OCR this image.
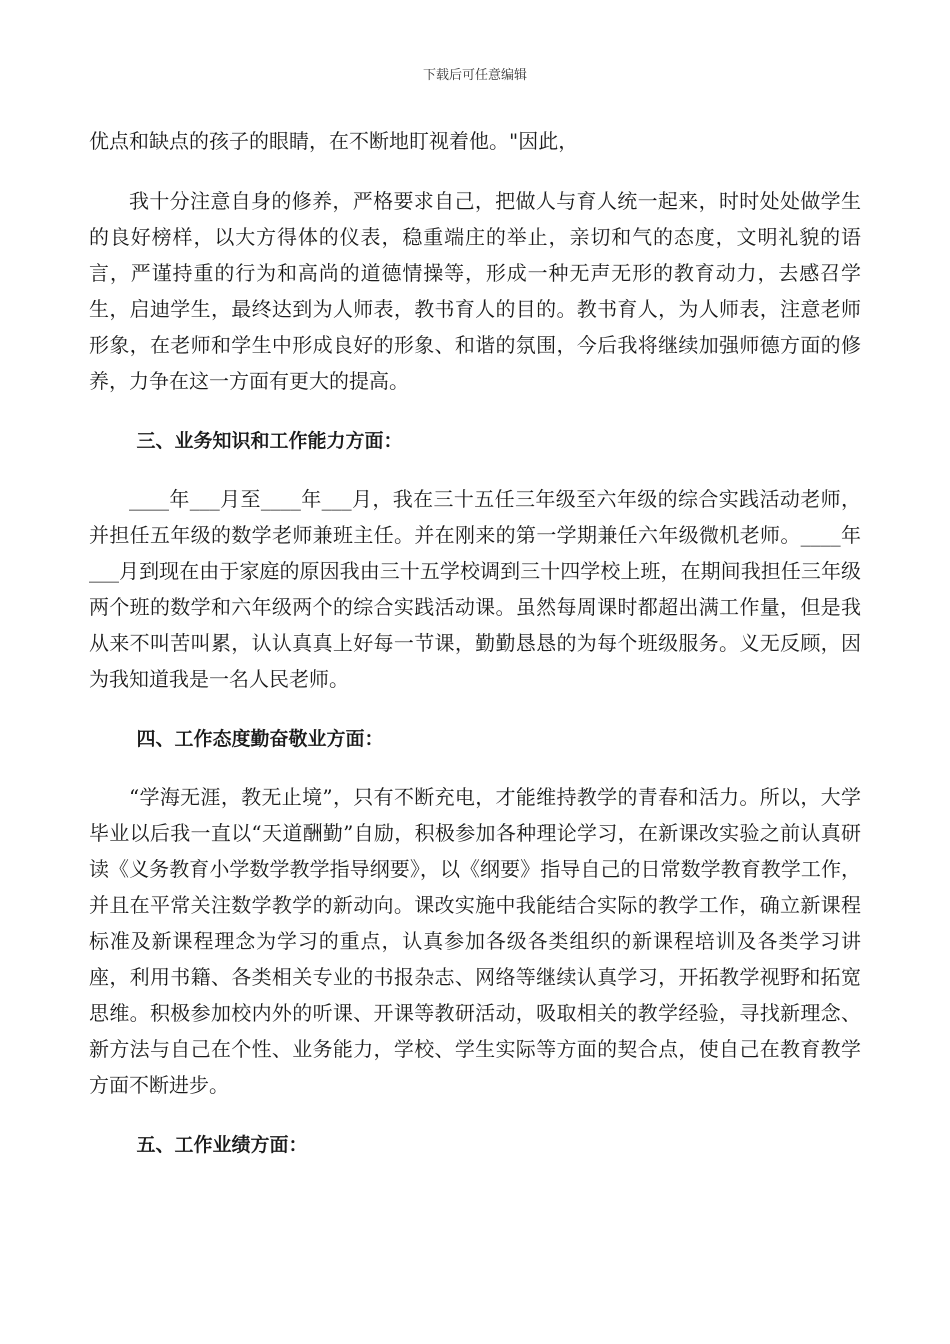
下载后可任意编辑

优点和缺点的孩子的眼睛，在不断地盯视着他。"因此，

我十分注意自身的修养，严格要求自己，把做人与育人统一起来，时时处处做学生的良好榜样，以大方得体的仪表，稳重端庄的举止，亲切和气的态度，文明礼貌的语言，严谨持重的行为和高尚的道德情操等，形成一种无声无形的教育动力，去感召学生，启迪学生，最终达到为人师表，教书育人的目的。教书育人，为人师表，注意老师形象，在老师和学生中形成良好的形象、和谐的氛围，今后我将继续加强师德方面的修养，力争在这一方面有更大的提高。

三、业务知识和工作能力方面：

____年___月至____年___月，我在三十五任三年级至六年级的综合实践活动老师，并担任五年级的数学老师兼班主任。并在刚来的第一学期兼任六年级微机老师。____年___月到现在由于家庭的原因我由三十五学校调到三十四学校上班，在期间我担任三年级两个班的数学和六年级两个的综合实践活动课。虽然每周课时都超出满工作量，但是我从来不叫苦叫累，认认真真上好每一节课，勤勤恳恳的为每个班级服务。义无反顾，因为我知道我是一名人民老师。

四、工作态度勤奋敬业方面：

“学海无涯，教无止境”，只有不断充电，才能维持教学的青春和活力。所以，大学毕业以后我一直以“天道酬勤”自励，积极参加各种理论学习，在新课改实验之前认真研读《义务教育小学数学教学指导纲要》，以《纲要》指导自己的日常数学教育教学工作，并且在平常关注数学教学的新动向。课改实施中我能结合实际的教学工作，确立新课程标准及新课程理念为学习的重点，认真参加各级各类组织的新课程培训及各类学习讲座，利用书籍、各类相关专业的书报杂志、网络等继续认真学习，开拓教学视野和拓宽思维。积极参加校内外的听课、开课等教研活动，吸取相关的教学经验，寻找新理念、新方法与自己在个性、业务能力，学校、学生实际等方面的契合点，使自己在教育教学方面不断进步。

五、工作业绩方面：
